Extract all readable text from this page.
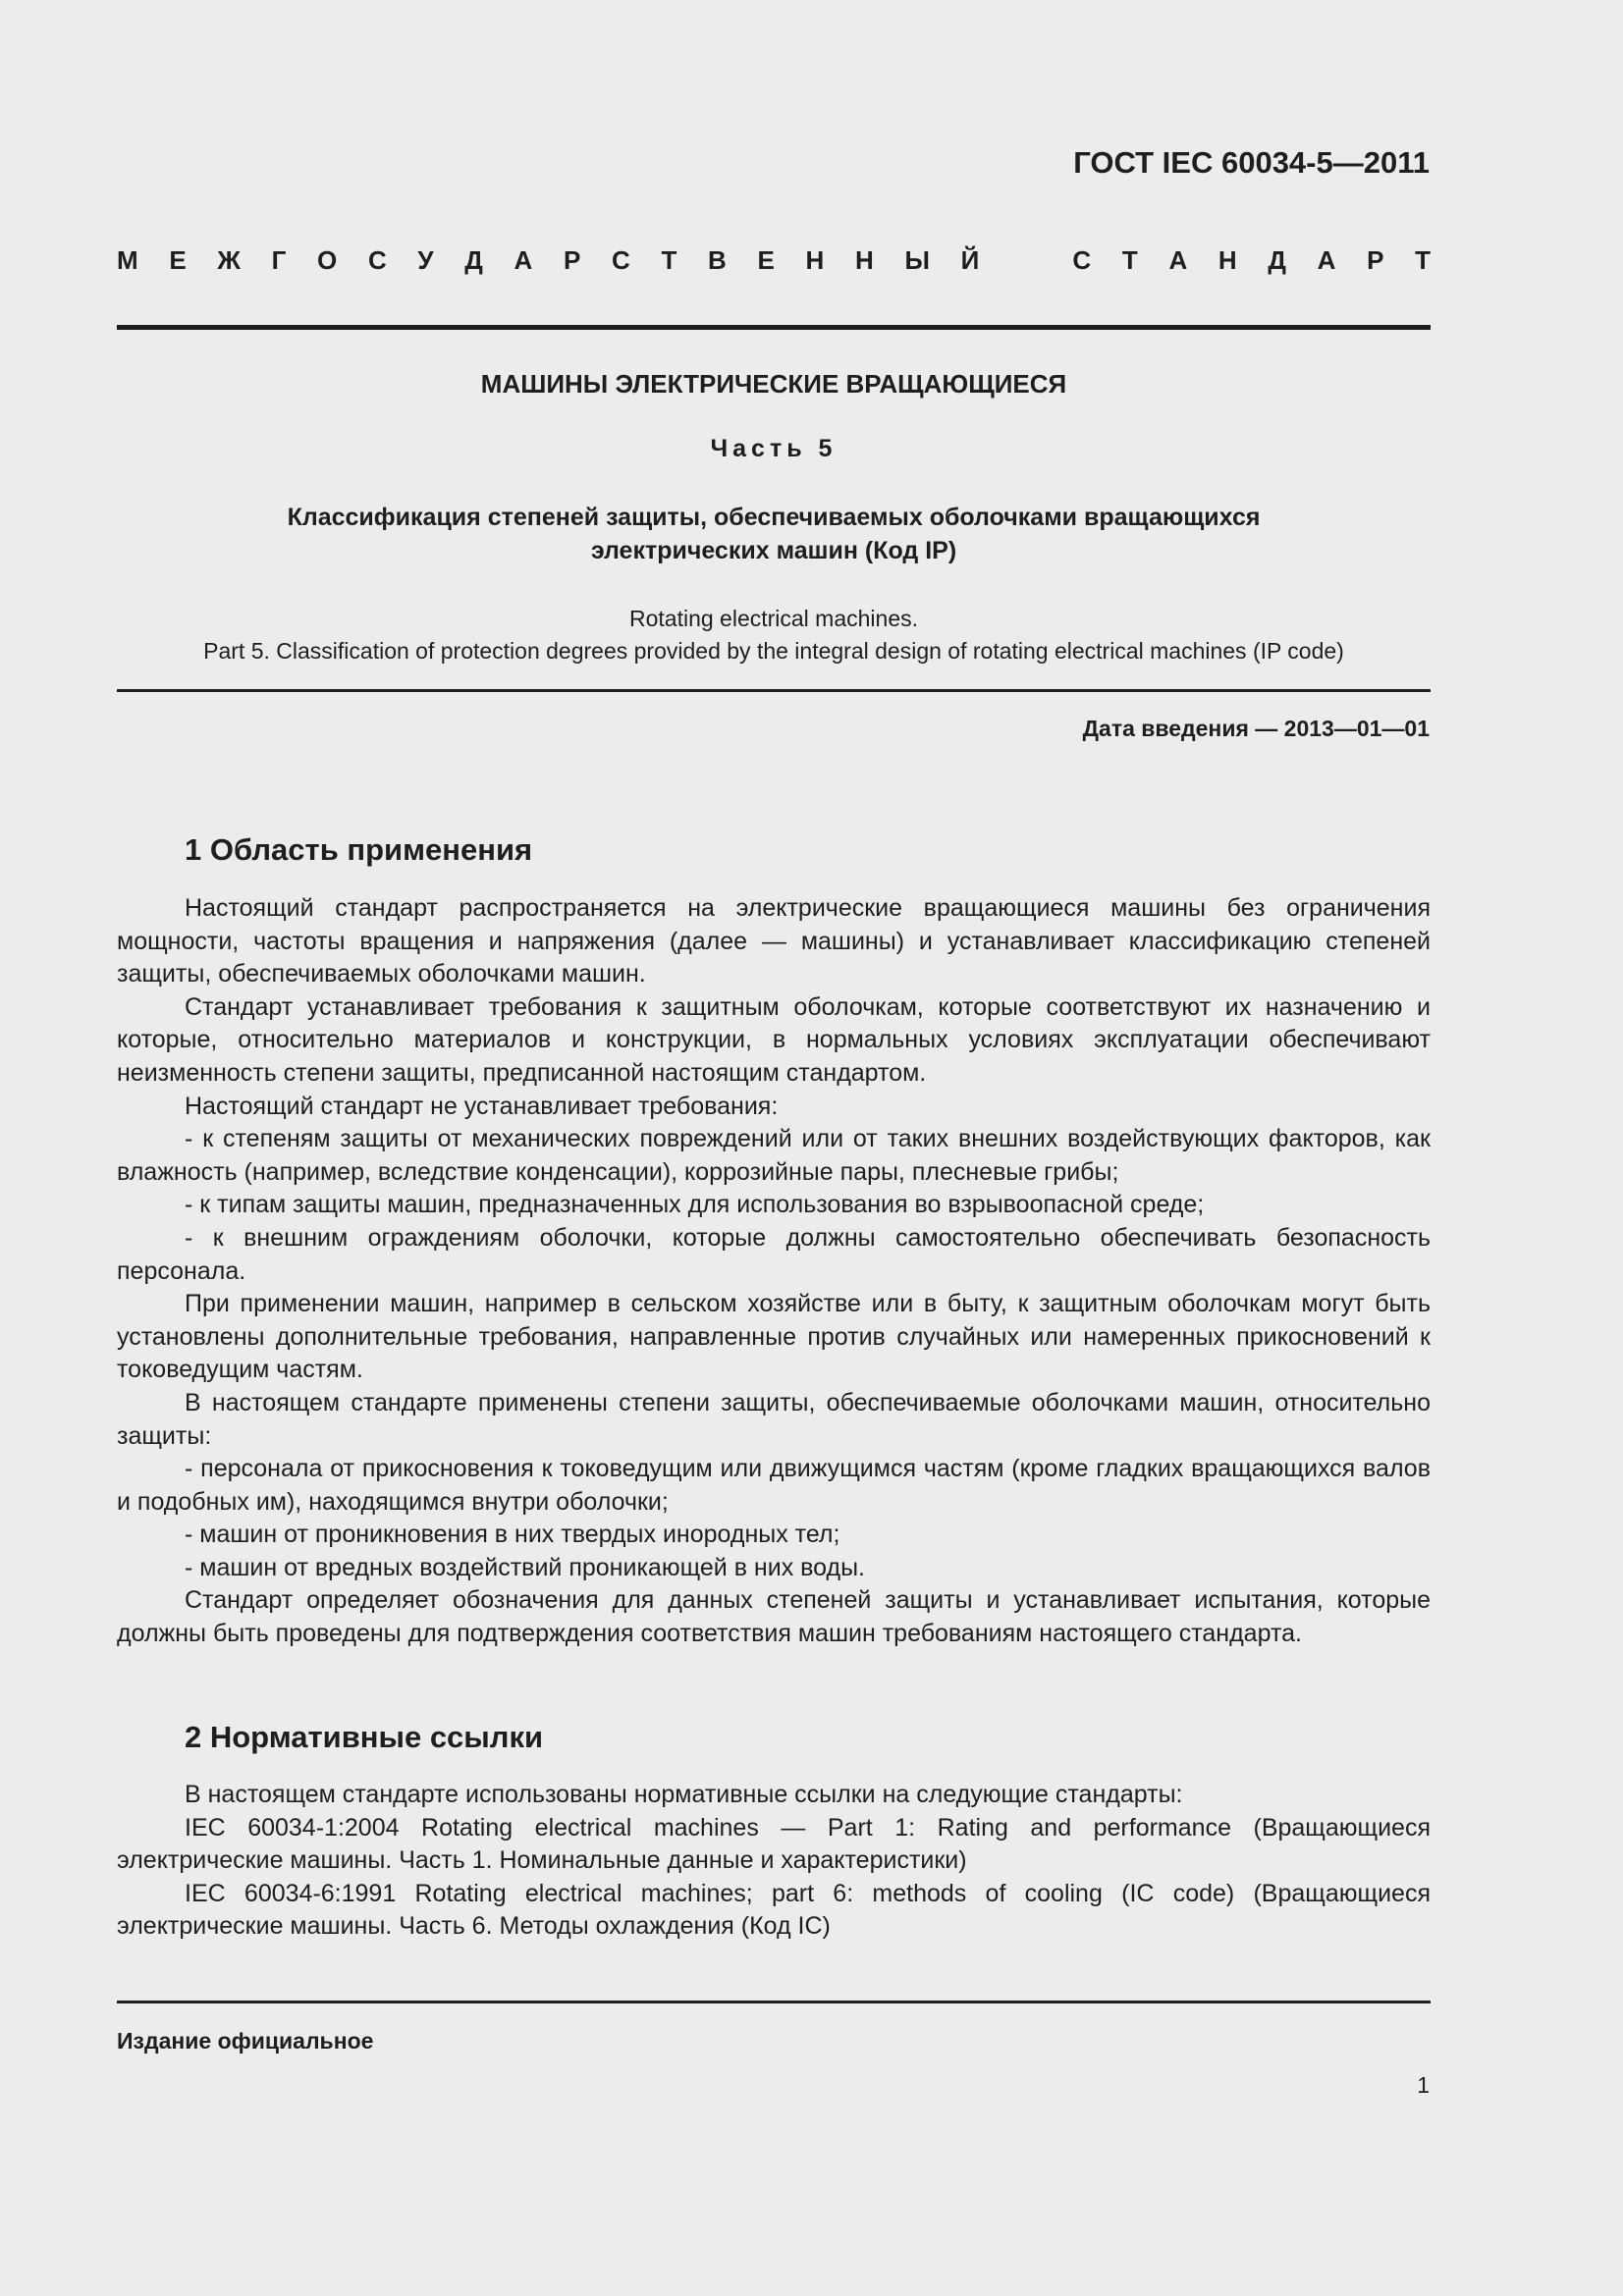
ГОСТ IEC 60034-5—2011
М Е Ж Г О С У Д А Р С Т В Е Н Н Ы Й	С Т А Н Д А Р Т
МАШИНЫ ЭЛЕКТРИЧЕСКИЕ ВРАЩАЮЩИЕСЯ
Часть 5
Классификация степеней защиты, обеспечиваемых оболочками вращающихся
электрических машин (Код IP)
Rotating electrical machines.
Part 5. Classification of protection degrees provided by the integral design of rotating electrical machines (IP code)
Дата введения — 2013—01—01
1 Область применения

Настоящий стандарт распространяется на электрические вращающиеся машины без ограничения мощности, частоты вращения и напряжения (далее — машины) и устанавливает классификацию степеней защиты, обеспечиваемых оболочками машин.

Стандарт устанавливает требования к защитным оболочкам, которые соответствуют их назначению и которые, относительно материалов и конструкции, в нормальных условиях эксплуатации обеспечивают неизменность степени защиты, предписанной настоящим стандартом.

Настоящий стандарт не устанавливает требования:

- к степеням защиты от механических повреждений или от таких внешних воздействующих факторов, как влажность (например, вследствие конденсации), коррозийные пары, плесневые грибы;

- к типам защиты машин, предназначенных для использования во взрывоопасной среде;

- к внешним ограждениям оболочки, которые должны самостоятельно обеспечивать безопасность персонала.

При применении машин, например в сельском хозяйстве или в быту, к защитным оболочкам могут быть установлены дополнительные требования, направленные против случайных или намеренных прикосновений к токоведущим частям.

В настоящем стандарте применены степени защиты, обеспечиваемые оболочками машин, относительно защиты:

- персонала от прикосновения к токоведущим или движущимся частям (кроме гладких вращающихся валов и подобных им), находящимся внутри оболочки;

- машин от проникновения в них твердых инородных тел;

- машин от вредных воздействий проникающей в них воды.

Стандарт определяет обозначения для данных степеней защиты и устанавливает испытания, которые должны быть проведены для подтверждения соответствия машин требованиям настоящего стандарта.

2 Нормативные ссылки

В настоящем стандарте использованы нормативные ссылки на следующие стандарты:

IEC 60034-1:2004 Rotating electrical machines — Part 1: Rating and performance (Вращающиеся электрические машины. Часть 1. Номинальные данные и характеристики)

IEC 60034-6:1991 Rotating electrical machines; part 6: methods of cooling (IC code) (Вращающиеся электрические машины. Часть 6. Методы охлаждения (Код IC)

Издание официальное
1
